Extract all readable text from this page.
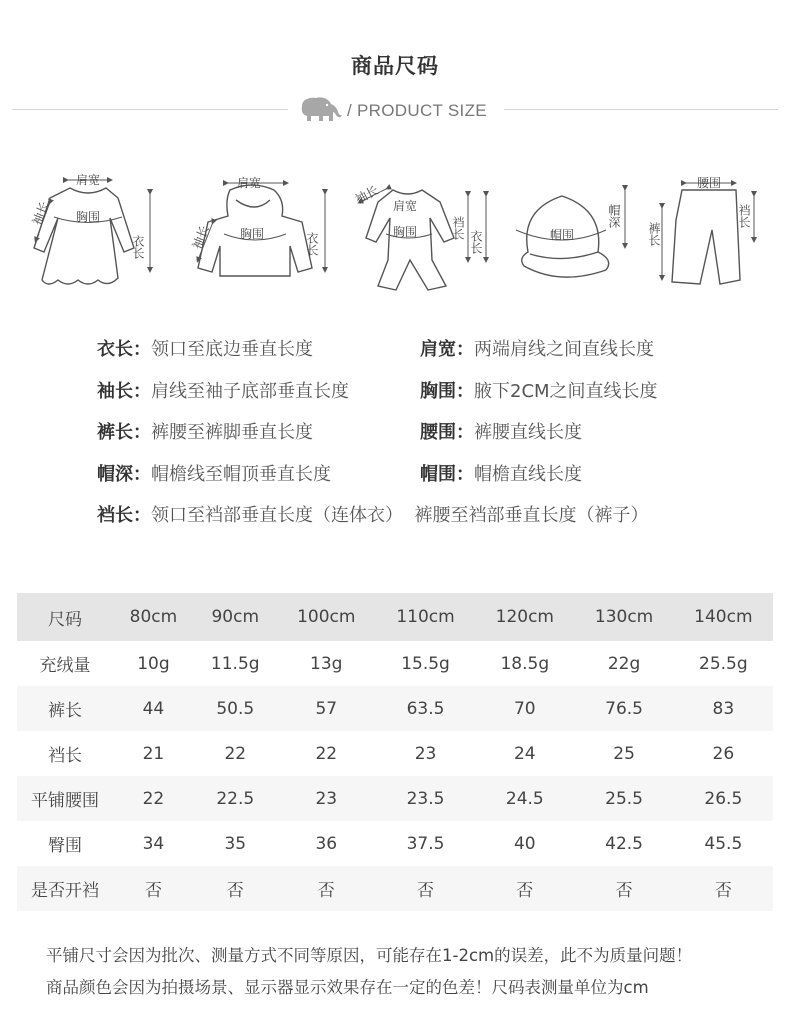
商品尺码
/ PRODUCT SIZE
肩宽
胸围
袖长
衣长
肩宽
胸围
袖长	衣长
袖长 肩宽
胸围	裆长
衣长	帽围
帽深
腰围
裤长
裆长
衣长：领口至底边垂直长度	肩宽：两端肩线之间直线长度
袖长：肩线至袖子底部垂直长度	胸围：腋下2CM之间直线长度
裤长：裤腰至裤脚垂直长度	腰围：裤腰直线长度
帽深：帽檐线至帽顶垂直长度	帽围：帽檐直线长度
裆长：领口至裆部垂直长度（连体衣）  裤腰至裆部垂直长度（裤子）
尺码	80cm	90cm	100cm	110cm	120cm	130cm	140cm
充绒量	10g	11.5g	13g	15.5g	18.5g	22g	25.5g
裤长	44	50.5	57	63.5	70	76.5	83
裆长	21	22	22	23	24	25	26
平铺腰围	22	22.5	23	23.5	24.5	25.5	26.5
臀围	34	35	36	37.5	40	42.5	45.5
是否开裆	否	否	否	否	否	否	否

平铺尺寸会因为批次、测量方式不同等原因，可能存在1-2cm的误差，此不为质量问题！

商品颜色会因为拍摄场景、显示器显示效果存在一定的色差！尺码表测量单位为cm
